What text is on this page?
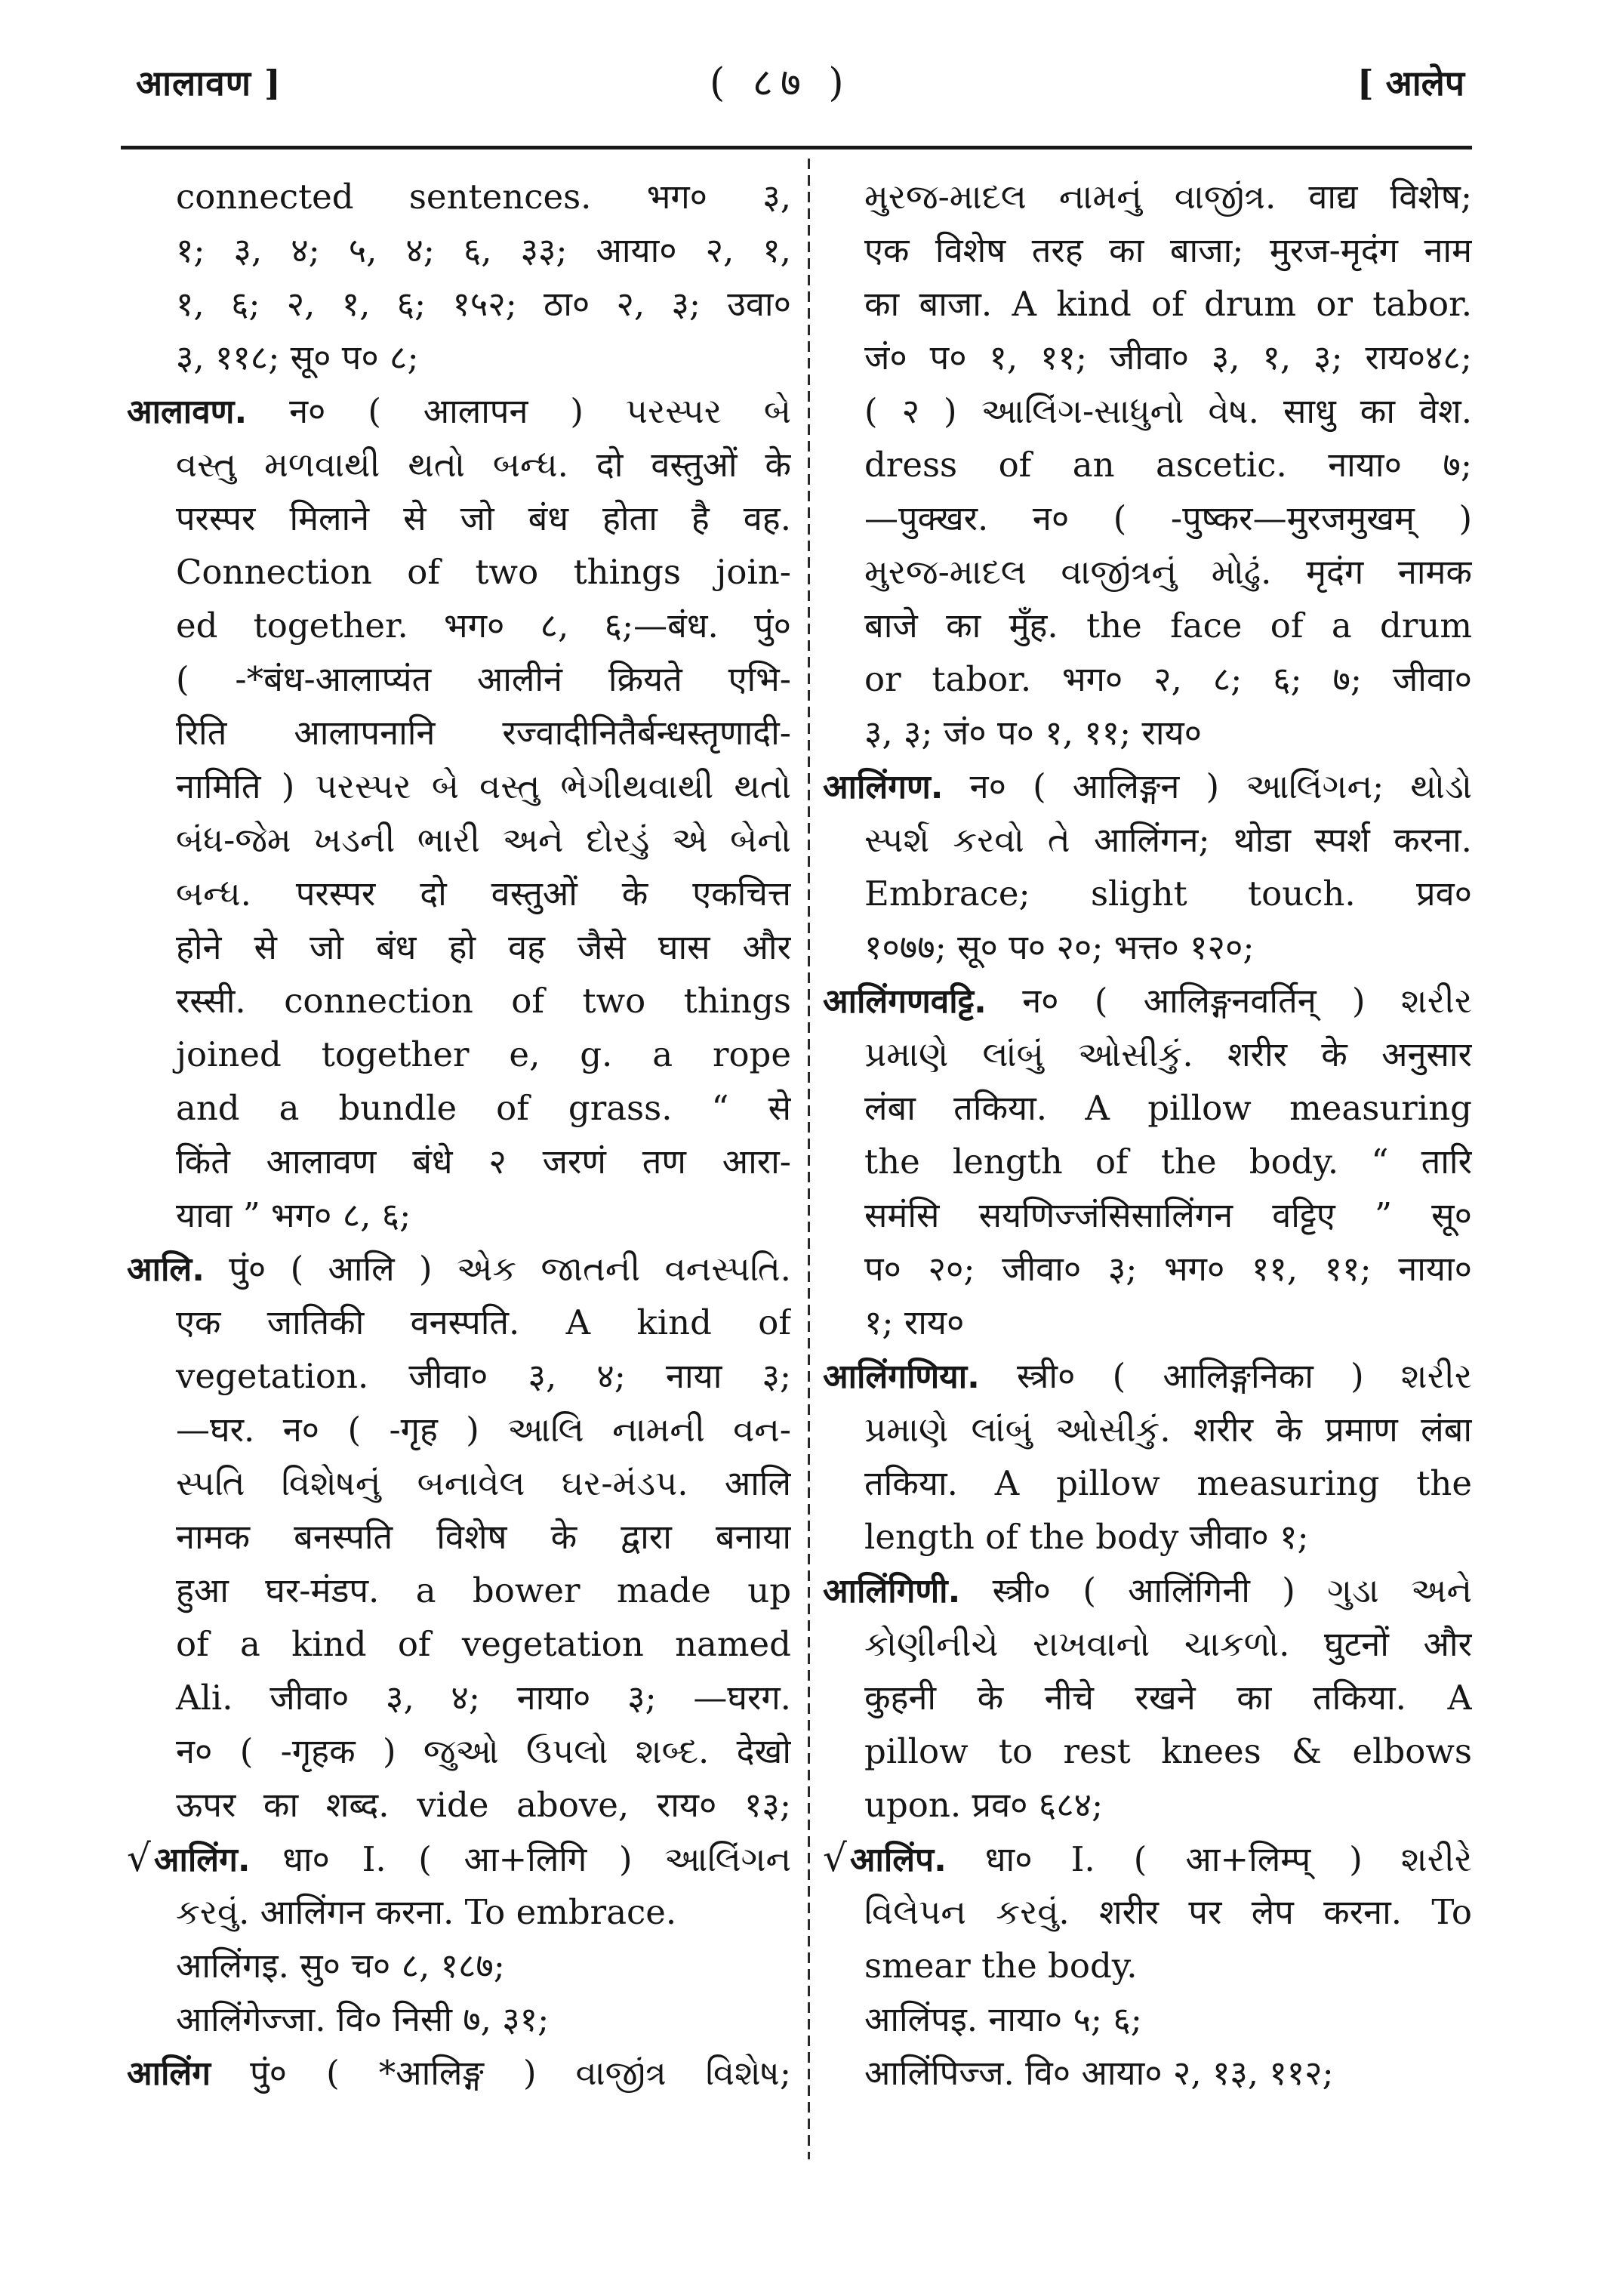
आलावण ]	( ८७ )	[ आलेप
connected sentences. भग० ३,
१; ३, ४; ५, ४; ६, ३३; आया० २, १,
१, ६; २, १, ६; १५२; ठा० २, ३; उवा०
३, ११८; सू० प० ८;
आलावण. न० ( आलापन ) પરસ્પર બે
વસ્તુ મળવાથી થતો બન્ધ. दो वस्तुओं के
परस्पर मिलाने से जो बंध होता है वह.
Connection of two things join-
ed together. भग० ८, ६;—बंध. पुं०
( -*बंध-आलाप्यंत आलीनं क्रियते एभि-
रिति आलापनानि रज्वादीनितैर्बन्धस्तृणादी-
नामिति ) પરસ્પર બે વસ્તુ ભેગીથવાથી થતો
બંધ-જેમ ખડની ભારી અને દોરડું એ બેનો
બન્ધ. परस्पर दो वस्तुओं के एकचित्त
होने से जो बंध हो वह जैसे घास और
रस्सी. connection of two things
joined together e, g. a rope
and a bundle of grass. “ से
किंते आलावण बंधे २ जरणं तण आरा-
यावा ” भग० ८, ६;
आलि. पुं० ( आलि ) એક જાતની વનસ્પતિ.
एक जातिकी वनस्पति. A kind of
vegetation. जीवा० ३, ४; नाया ३;
—घर. न० ( -गृह ) આલિ નામની વન-
સ્પતિ વિશેષનું બનાવેલ ઘર-મંડપ. आलि
नामक बनस्पति विशेष के द्वारा बनाया
हुआ घर-मंडप. a bower made up
of a kind of vegetation named
Ali. जीवा० ३, ४; नाया० ३; —घरग.
न० ( -गृहक ) જુઓ ઉપલો શબ્દ. देखो
ऊपर का शब्द. vide above, राय० १३;
√आलिंग. धा० I. ( आ+लिगि ) આલિંગન
કરવું. आलिंगन करना. To embrace.
आलिंगइ. सु० च० ८, १८७;
आलिंगेज्जा. वि० निसी ७, ३१;
आलिंग पुं० ( *आलिङ्ग ) વાજીંત્ર વિશેષ;
મુરજ-માદલ નામનું વાજીંત્ર. वाद्य विशेष;
एक विशेष तरह का बाजा; मुरज-मृदंग नाम
का बाजा. A kind of drum or tabor.
जं० प० १, ११; जीवा० ३, १, ३; राय०४८;
( २ ) આલિંગ-સાધુનો વેષ. साधु का वेश.
dress of an ascetic. नाया० ७;
—पुक्खर. न० ( -पुष्कर—मुरजमुखम् )
મુરજ-માદલ વાજીંત્રનું મોઢું. मृदंग नामक
बाजे का मुँह. the face of a drum
or tabor. भग० २, ८; ६; ७; जीवा०
३, ३; जं० प० १, ११; राय०
आलिंगण. न० ( आलिङ्गन ) આલિંગન; થોડો
સ્પર્શ કરવો તે आलिंगन; थोडा स्पर्श करना.
Embrace; slight touch. प्रव०
१०७७; सू० प० २०; भत्त० १२०;
आलिंगणवट्टि. न० ( आलिङ्गनवर्तिन् ) શરીર
પ્રમાણે લાંબું ઓસીકું. शरीर के अनुसार
लंबा तकिया. A pillow measuring
the length of the body. “ तारि
समंसि सयणिज्जंसिसालिंगन वट्टिए ” सू०
प० २०; जीवा० ३; भग० ११, ११; नाया०
१; राय०
आलिंगणिया. स्त्री० ( आलिङ्गनिका ) શરીર
પ્રમાણે લાંબું ઓસીકું. शरीर के प्रमाण लंबा
तकिया. A pillow measuring the
length of the body जीवा० १;
आलिंगिणी. स्त्री० ( आलिंगिनी ) ગુડા અને
કોણીનીચે રાખવાનો ચાકળો. घुटनों और
कुहनी के नीचे रखने का तकिया. A
pillow to rest knees & elbows
upon. प्रव० ६८४;
√आलिंप. धा० I. ( आ+लिम्प् ) શરીરે
વિલેપન કરવું. शरीर पर लेप करना. To
smear the body.
आलिंपइ. नाया० ५; ६;
आलिंपिज्ज. वि० आया० २, १३, ११२;
